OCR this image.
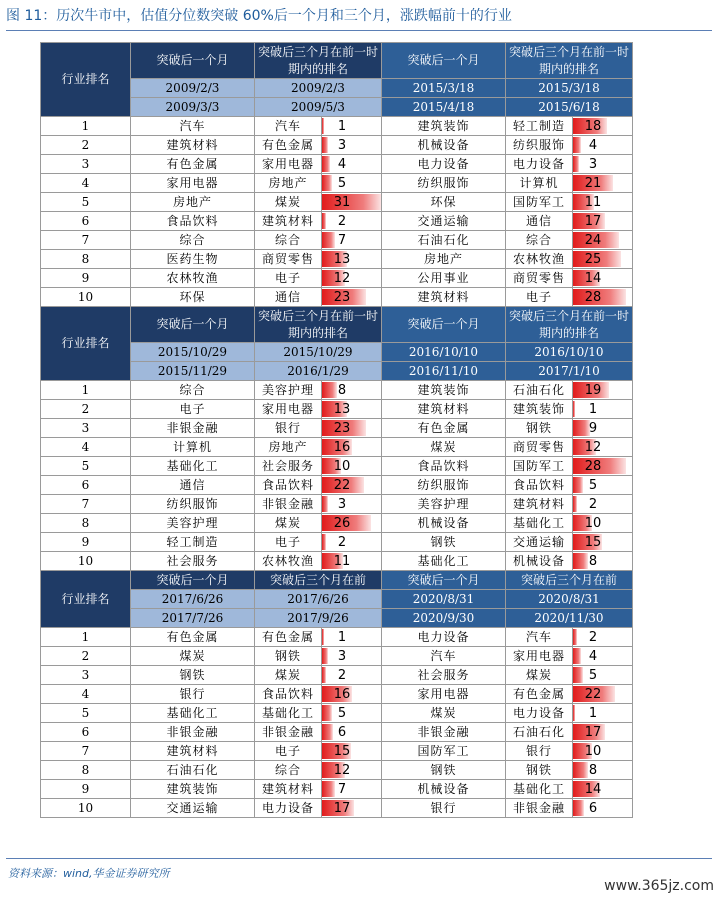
图 11：历次牛市中，估值分位数突破 60%后一个月和三个月，涨跌幅前十的行业
行业排名	突破后一个月	突破后三个月在前一时期内的排名		突破后一个月	突破后三个月在前一时期内的排名	
	2009/2/3	2009/2/3		2015/3/18	2015/3/18	
	2009/3/3	2009/5/3		2015/4/18	2015/6/18	
1	汽车	汽车	1	建筑装饰	轻工制造	18

2	建筑材料	有色金属	3	机械设备	纺织服饰	4

3	有色金属	家用电器	4	电力设备	电力设备	3

4	家用电器	房地产	5	纺织服饰	计算机	21

5	房地产	煤炭	31	环保	国防军工	11

6	食品饮料	建筑材料	2	交通运输	通信	17

7	综合	综合	7	石油石化	综合	24

8	医药生物	商贸零售	13	房地产	农林牧渔	25

9	农林牧渔	电子	12	公用事业	商贸零售	14

10	环保	通信	23	建筑材料	电子	28

行业排名	突破后一个月	突破后三个月在前一时期内的排名		突破后一个月	突破后三个月在前一时期内的排名	
	2015/10/29	2015/10/29		2016/10/10	2016/10/10	
	2015/11/29	2016/1/29		2016/11/10	2017/1/10	
1	综合	美容护理	8	建筑装饰	石油石化	19

2	电子	家用电器	13	建筑材料	建筑装饰	1

3	非银金融	银行	23	有色金属	钢铁	9

4	计算机	房地产	16	煤炭	商贸零售	12

5	基础化工	社会服务	10	食品饮料	国防军工	28

6	通信	食品饮料	22	纺织服饰	食品饮料	5

7	纺织服饰	非银金融	3	美容护理	建筑材料	2

8	美容护理	煤炭	26	机械设备	基础化工	10

9	轻工制造	电子	2	钢铁	交通运输	15

10	社会服务	农林牧渔	11	基础化工	机械设备	8

行业排名	突破后一个月	突破后三个月在前		突破后一个月	突破后三个月在前	
	2017/6/26	2017/6/26		2020/8/31	2020/8/31	
	2017/7/26	2017/9/26		2020/9/30	2020/11/30	
1	有色金属	有色金属	1	电力设备	汽车	2

2	煤炭	钢铁	3	汽车	家用电器	4

3	钢铁	煤炭	2	社会服务	煤炭	5

4	银行	食品饮料	16	家用电器	有色金属	22

5	基础化工	基础化工	5	煤炭	电力设备	1

6	非银金融	非银金融	6	非银金融	石油石化	17

7	建筑材料	电子	15	国防军工	银行	10

8	石油石化	综合	12	钢铁	钢铁	8

9	建筑装饰	建筑材料	7	机械设备	基础化工	14

10	交通运输	电力设备	17	银行	非银金融	6
资料来源：wind,华金证券研究所
www.365jz.com
